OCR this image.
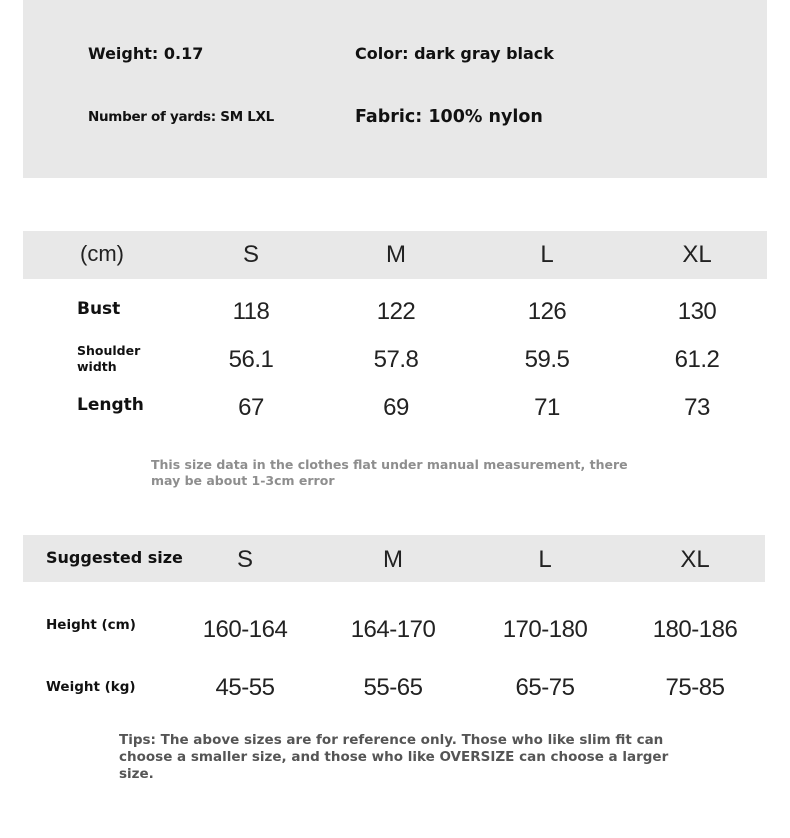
Weight: 0.17	Color: dark gray black
Number of yards: SM LXL	Fabric: 100% nylon
(cm)	S	M	L	XL
Bust	118	122	126	130
Shoulder
width	56.1	57.8	59.5	61.2
Length	67	69	71	73
This size data in the clothes flat under manual measurement, there may be about 1-3cm error
Suggested size S	M	L	XL
Height (cm)	160-164	164-170	170-180	180-186
Weight (kg)	45-55	55-65	65-75	75-85
Tips: The above sizes are for reference only. Those who like slim fit can choose a smaller size, and those who like OVERSIZE can choose a larger size.
